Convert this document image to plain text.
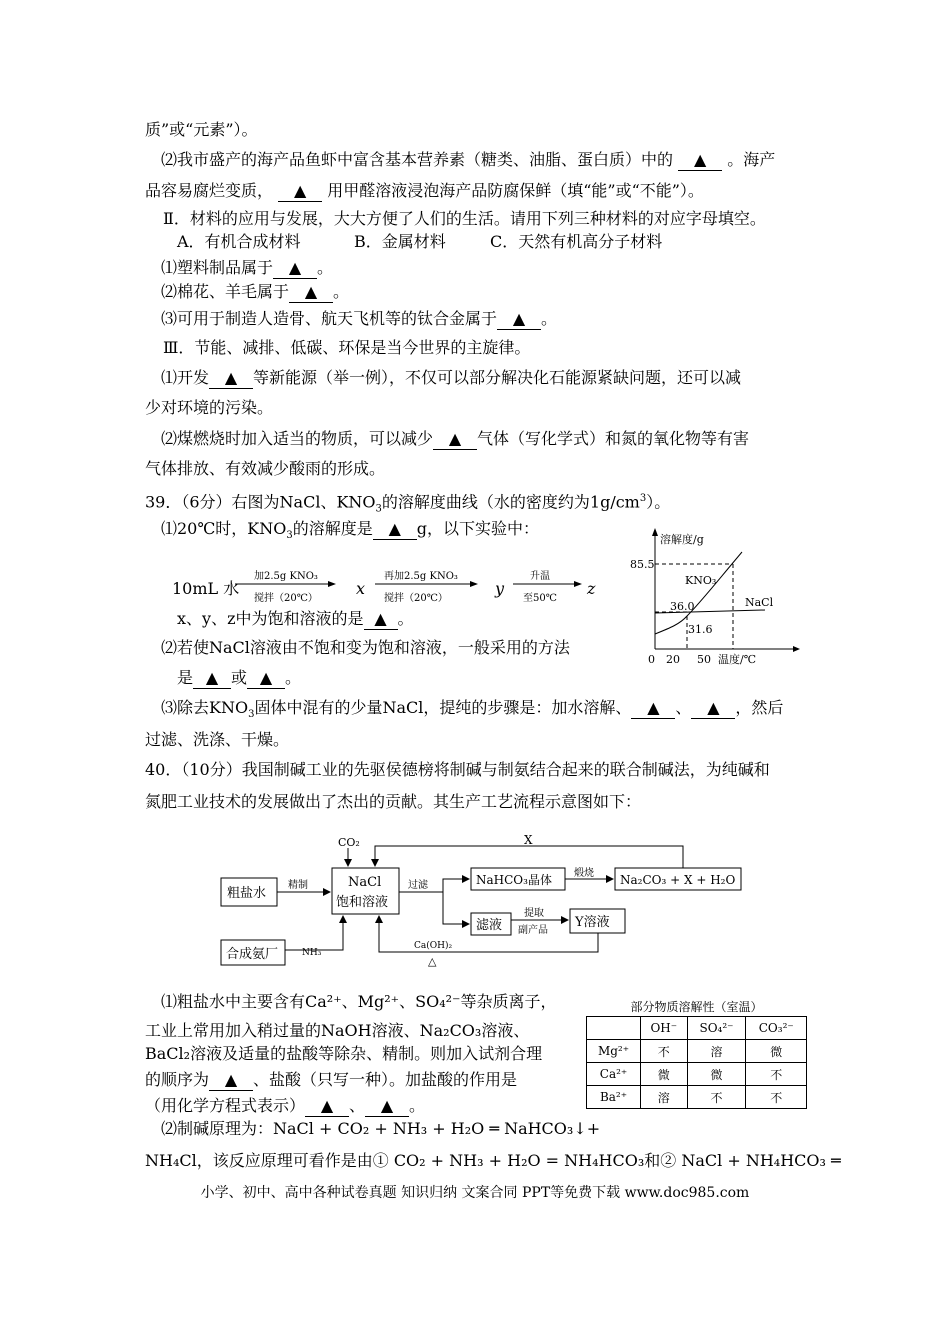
质”或“元素”）。
⑵我市盛产的海产品鱼虾中富含基本营养素（糖类、油脂、蛋白质）中的 ▲ 。海产
品容易腐烂变质， ▲ 用甲醛溶液浸泡海产品防腐保鲜（填“能”或“不能”）。
Ⅱ．材料的应用与发展，大大方便了人们的生活。请用下列三种材料的对应字母填空。
A．有机合成材料	B．金属材料	C．天然有机高分子材料
⑴塑料制品属于 ▲ 。
⑵棉花、羊毛属于 ▲ 。
⑶可用于制造人造骨、航天飞机等的钛合金属于 ▲ 。
Ⅲ．节能、减排、低碳、环保是当今世界的主旋律。
⑴开发 ▲ 等新能源（举一例），不仅可以部分解决化石能源紧缺问题，还可以减
少对环境的污染。
⑵煤燃烧时加入适当的物质，可以减少 ▲ 气体（写化学式）和氮的氧化物等有害
气体排放、有效减少酸雨的形成。
39．（6分）右图为NaCl、$KNO_3$的溶解度曲线（水的密度约为$1g/cm^3$）。
⑴20℃时，$KNO_3$的溶解度是 ▲ g，以下实验中：
10mL 水
加2.5g KNO₃
搅拌（20℃）
x
再加2.5g KNO₃
搅拌（20℃）
y
升温
至50℃
z
x、y、z中为饱和溶液的是 ▲ 。
⑵若使NaCl溶液由不饱和变为饱和溶液，一般采用的方法
是 ▲ 或 ▲ 。
⑶除去$KNO_3$固体中混有的少量NaCl，提纯的步骤是：加水溶解、 ▲ 、 ▲ ，然后
过滤、洗涤、干燥。
溶解度/g
温度/℃
0 20 50
85.5
36.0
31.6
KNO₃
NaCl
40．（10分）我国制碱工业的先驱侯德榜将制碱与制氨结合起来的联合制碱法，为纯碱和
氮肥工业技术的发展做出了杰出的贡献。其生产工艺流程示意图如下：
粗盐水
NaCl
饱和溶液
NaHCO₃晶体	Na₂CO₃ + X + H₂O
滤液	Y溶液
合成氨厂
精制
CO₂
过滤
煅烧
X
提取
副产品
NH₃
Ca(OH)₂
△
⑴粗盐水中主要含有Ca²⁺、Mg²⁺、SO₄²⁻等杂质离子，
工业上常用加入稍过量的NaOH溶液、Na₂CO₃溶液、
BaCl₂溶液及适量的盐酸等除杂、精制。则加入试剂合理
的顺序为 ▲ 、盐酸（只写一种）。加盐酸的作用是
（用化学方程式表示） ▲ 、 ▲ 。
⑵制碱原理为：NaCl + CO₂ + NH₃ + H₂O ═ NaHCO₃↓+
NH₄Cl，该反应原理可看作是由① CO₂ + NH₃ + H₂O = NH₄HCO₃和② NaCl + NH₄HCO₃ ═
部分物质溶解性（室温）
	OH⁻	SO₄²⁻	CO₃²⁻
Mg²⁺	不	溶	微
Ca²⁺	微	微	不
Ba²⁺	溶	不	不
小学、初中、高中各种试卷真题 知识归纳 文案合同 PPT等免费下载 www.doc985.com
